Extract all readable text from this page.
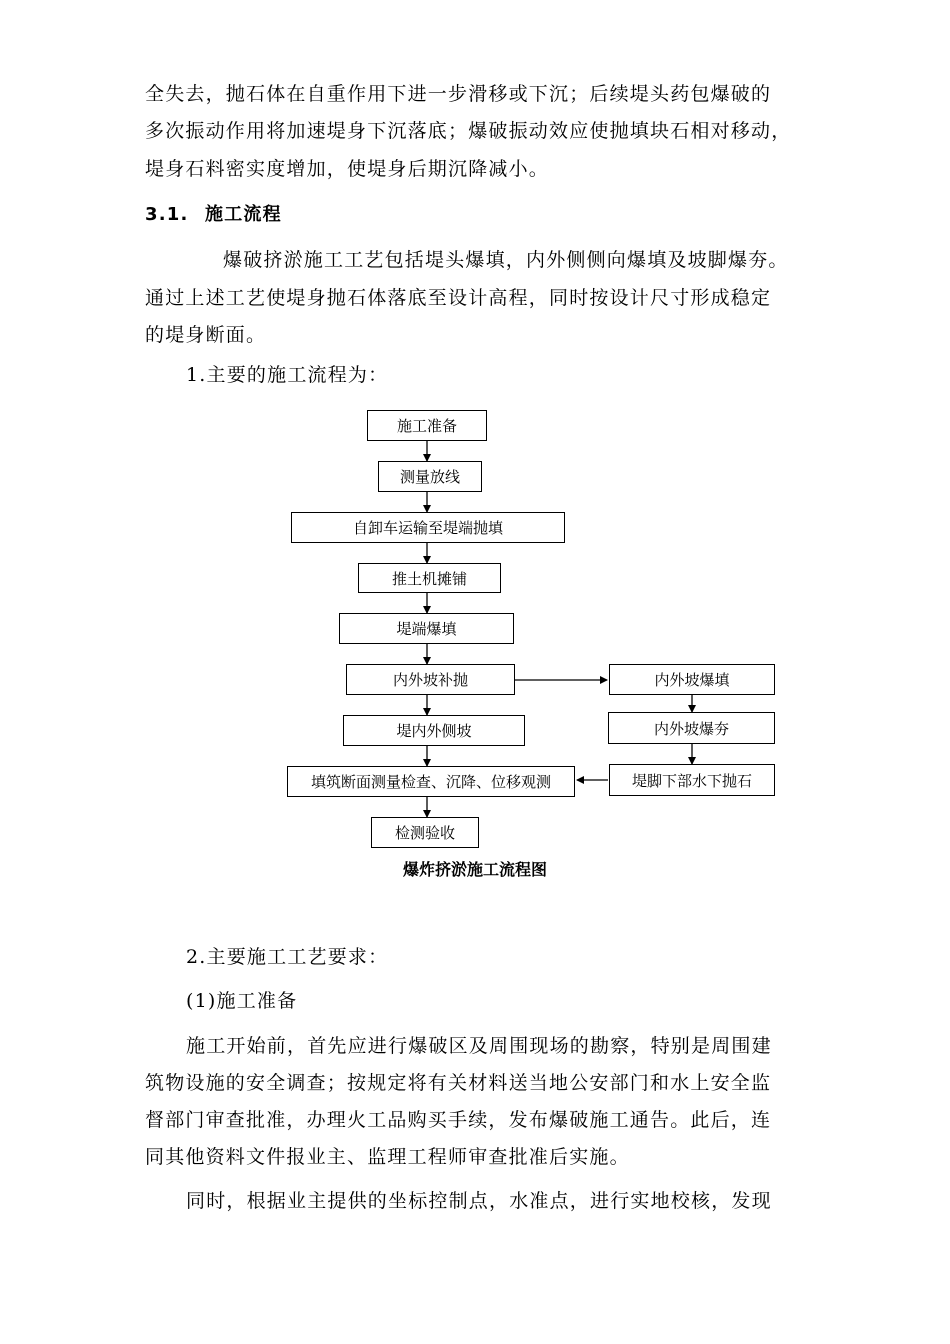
全失去，抛石体在自重作用下进一步滑移或下沉；后续堤头药包爆破的
多次振动作用将加速堤身下沉落底；爆破振动效应使抛填块石相对移动，
堤身石料密实度增加，使堤身后期沉降减小。
3.1. 施工流程
爆破挤淤施工工艺包括堤头爆填，内外侧侧向爆填及坡脚爆夯。
通过上述工艺使堤身抛石体落底至设计高程，同时按设计尺寸形成稳定
的堤身断面。
1.主要的施工流程为：
施工准备
测量放线
自卸车运输至堤端抛填
推土机摊铺
堤端爆填
内外坡补抛	内外坡爆填
堤内外侧坡	内外坡爆夯
填筑断面测量检查、沉降、位移观测	堤脚下部水下抛石
检测验收
爆炸挤淤施工流程图
2.主要施工工艺要求：
(1)施工准备
施工开始前，首先应进行爆破区及周围现场的勘察，特别是周围建
筑物设施的安全调查；按规定将有关材料送当地公安部门和水上安全监
督部门审查批准，办理火工品购买手续，发布爆破施工通告。此后，连
同其他资料文件报业主、监理工程师审查批准后实施。
同时，根据业主提供的坐标控制点，水准点，进行实地校核，发现
